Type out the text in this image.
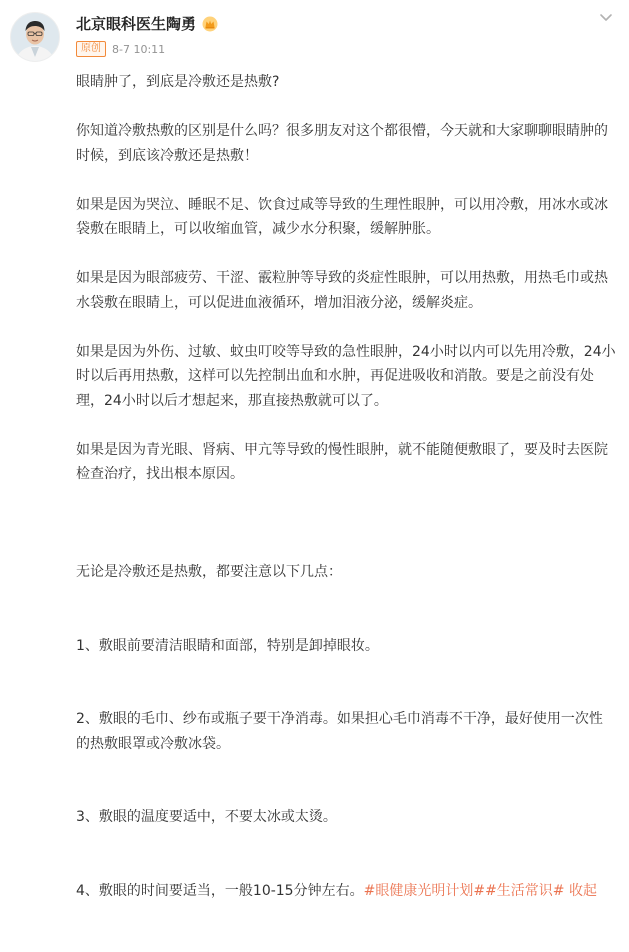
北京眼科医生陶勇
原创	8-7 10:11

眼睛肿了，到底是冷敷还是热敷?

你知道冷敷热敷的区别是什么吗？很多朋友对这个都很懵，今天就和大家聊聊眼睛肿的时候，到底该冷敷还是热敷！

如果是因为哭泣、睡眠不足、饮食过咸等导致的生理性眼肿，可以用冷敷，用冰水或冰袋敷在眼睛上，可以收缩血管，减少水分积聚，缓解肿胀。

如果是因为眼部疲劳、干涩、霰粒肿等导致的炎症性眼肿，可以用热敷，用热毛巾或热水袋敷在眼睛上，可以促进血液循环，增加泪液分泌，缓解炎症。

如果是因为外伤、过敏、蚊虫叮咬等导致的急性眼肿，24小时以内可以先用冷敷，24小时以后再用热敷，这样可以先控制出血和水肿，再促进吸收和消散。要是之前没有处理，24小时以后才想起来，那直接热敷就可以了。

如果是因为青光眼、肾病、甲亢等导致的慢性眼肿，就不能随便敷眼了，要及时去医院检查治疗，找出根本原因。

无论是冷敷还是热敷，都要注意以下几点：

1、敷眼前要清洁眼睛和面部，特别是卸掉眼妆。

2、敷眼的毛巾、纱布或瓶子要干净消毒。如果担心毛巾消毒不干净，最好使用一次性的热敷眼罩或冷敷冰袋。

3、敷眼的温度要适中，不要太冰或太烫。

4、敷眼的时间要适当，一般10-15分钟左右。#眼健康光明计划##生活常识# 收起
